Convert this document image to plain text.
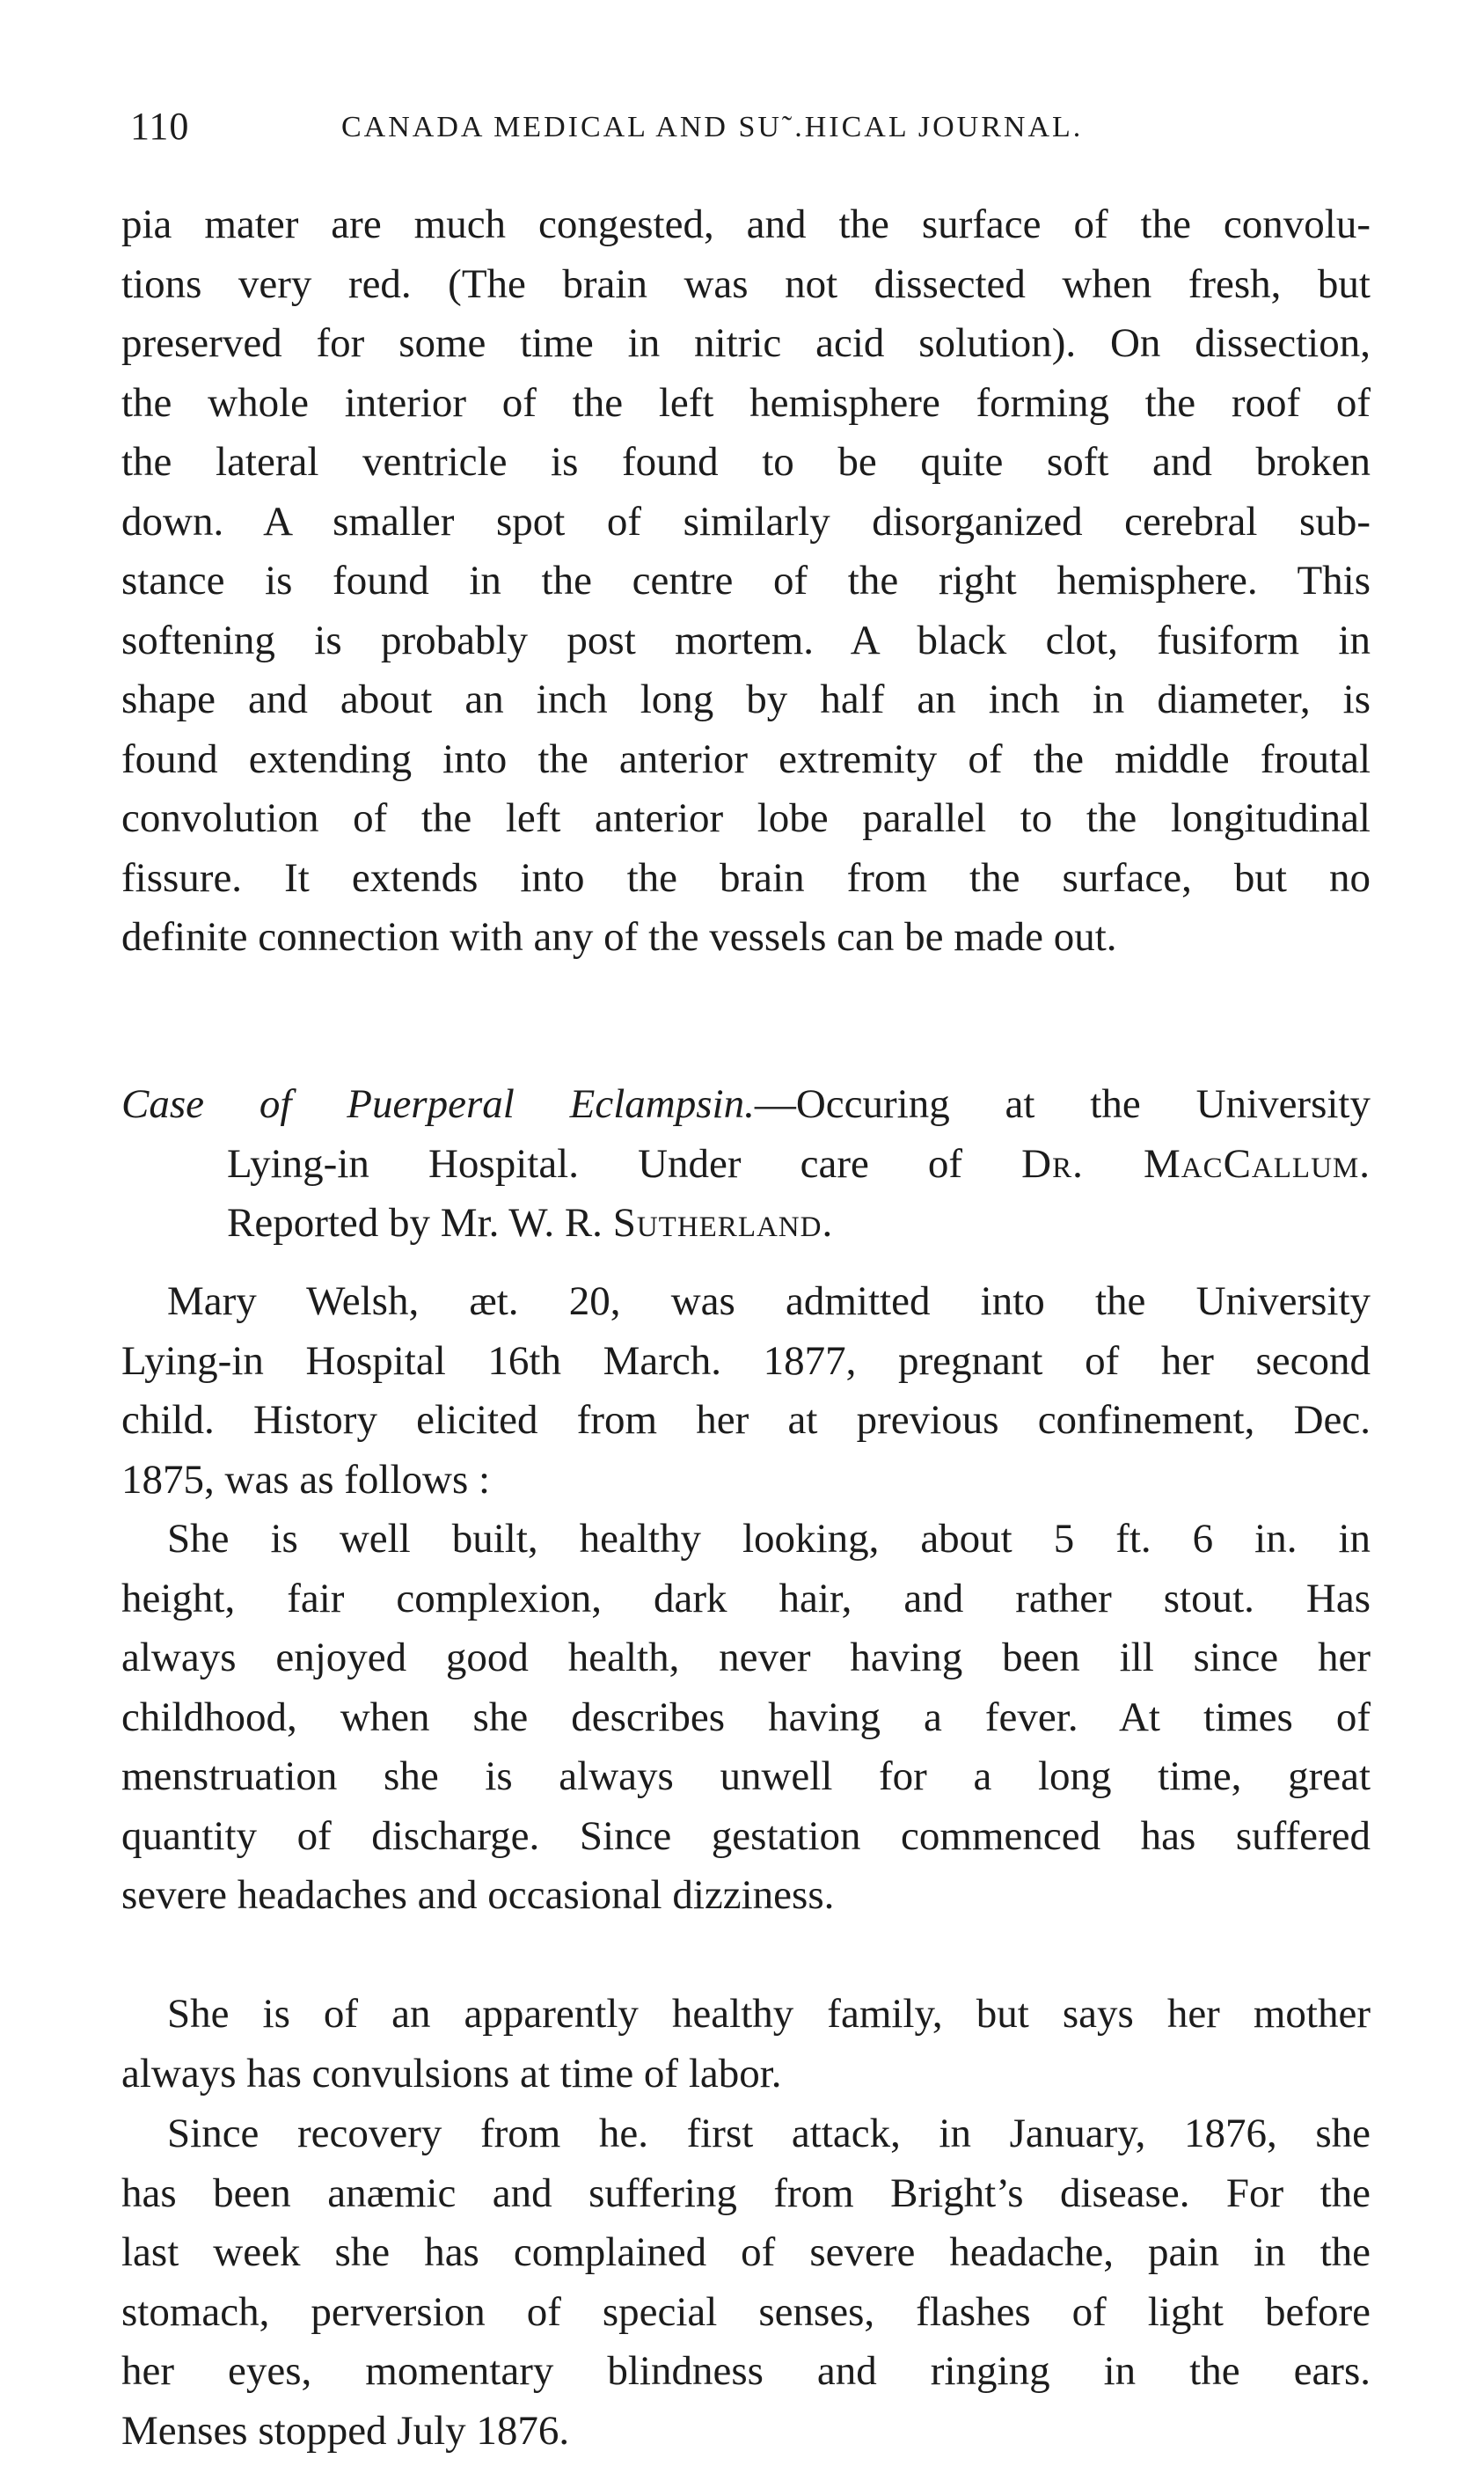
110	CANADA MEDICAL AND SU˜.HICAL JOURNAL.
pia mater are much congested, and the surface of the convolu-
tions very red. (The brain was not dissected when fresh, but
preserved for some time in nitric acid solution). On dissection,
the whole interior of the left hemisphere forming the roof of
the lateral ventricle is found to be quite soft and broken
down. A smaller spot of similarly disorganized cerebral sub-
stance is found in the centre of the right hemisphere. This
softening is probably post mortem. A black clot, fusiform in
shape and about an inch long by half an inch in diameter, is
found extending into the anterior extremity of the middle froutal
convolution of the left anterior lobe parallel to the longitudinal
fissure. It extends into the brain from the surface, but no
definite connection with any of the vessels can be made out.
Case of Puerperal Eclampsin.—Occuring at the University
Lying-in Hospital. Under care of Dr. MacCallum.
Reported by Mr. W. R. Sutherland.
Mary Welsh, æt. 20, was admitted into the University
Lying-in Hospital 16th March. 1877, pregnant of her second
child. History elicited from her at previous confinement, Dec.
1875, was as follows :
She is well built, healthy looking, about 5 ft. 6 in. in
height, fair complexion, dark hair, and rather stout. Has
always enjoyed good health, never having been ill since her
childhood, when she describes having a fever. At times of
menstruation she is always unwell for a long time, great
quantity of discharge. Since gestation commenced has suffered
severe headaches and occasional dizziness.
She is of an apparently healthy family, but says her mother
always has convulsions at time of labor.
Since recovery from he. first attack, in January, 1876, she
has been anæmic and suffering from Bright’s disease. For the
last week she has complained of severe headache, pain in the
stomach, perversion of special senses, flashes of light before
her eyes, momentary blindness and ringing in the ears.
Menses stopped July 1876.
